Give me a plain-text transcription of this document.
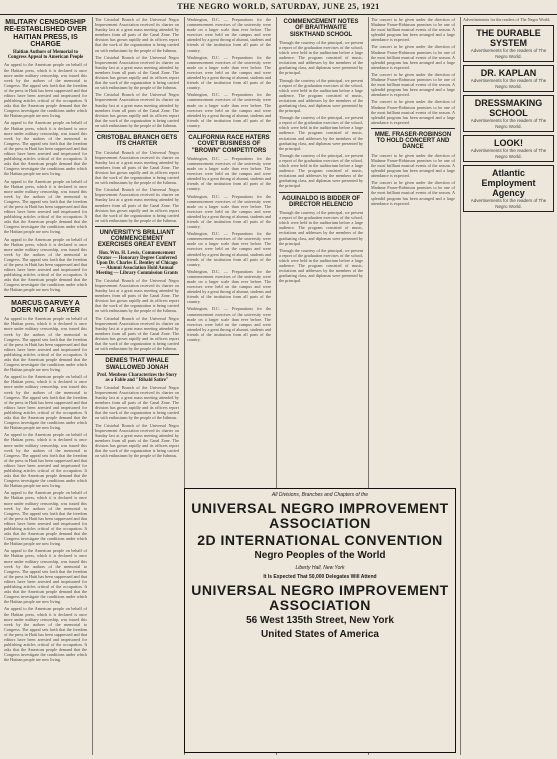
THE NEGRO WORLD, SATURDAY, JUNE 25, 1921
MILITARY CENSORSHIP RE-ESTABLISHED OVER HAITIAN PRESS, IS CHARGE
Haitian Authors of Memorial to Congress Appeal to American People

An appeal to the American people on behalf of the Haitian press, which it is declared is once more under military censorship, was issued this week by the authors of the memorial to Congress. The appeal sets forth that the freedom of the press in Haiti has been suppressed and that editors have been arrested and imprisoned for publishing articles critical of the occupation. It asks that the American people demand that the Congress investigate the conditions under which the Haitian people are now living.

An appeal to the American people on behalf of the Haitian press, which it is declared is once more under military censorship, was issued this week by the authors of the memorial to Congress. The appeal sets forth that the freedom of the press in Haiti has been suppressed and that editors have been arrested and imprisoned for publishing articles critical of the occupation. It asks that the American people demand that the Congress investigate the conditions under which the Haitian people are now living.

An appeal to the American people on behalf of the Haitian press, which it is declared is once more under military censorship, was issued this week by the authors of the memorial to Congress. The appeal sets forth that the freedom of the press in Haiti has been suppressed and that editors have been arrested and imprisoned for publishing articles critical of the occupation. It asks that the American people demand that the Congress investigate the conditions under which the Haitian people are now living.

An appeal to the American people on behalf of the Haitian press, which it is declared is once more under military censorship, was issued this week by the authors of the memorial to Congress. The appeal sets forth that the freedom of the press in Haiti has been suppressed and that editors have been arrested and imprisoned for publishing articles critical of the occupation. It asks that the American people demand that the Congress investigate the conditions under which the Haitian people are now living.

MARCUS GARVEY A DOER NOT A SAYER

An appeal to the American people on behalf of the Haitian press, which it is declared is once more under military censorship, was issued this week by the authors of the memorial to Congress. The appeal sets forth that the freedom of the press in Haiti has been suppressed and that editors have been arrested and imprisoned for publishing articles critical of the occupation. It asks that the American people demand that the Congress investigate the conditions under which the Haitian people are now living.

An appeal to the American people on behalf of the Haitian press, which it is declared is once more under military censorship, was issued this week by the authors of the memorial to Congress. The appeal sets forth that the freedom of the press in Haiti has been suppressed and that editors have been arrested and imprisoned for publishing articles critical of the occupation. It asks that the American people demand that the Congress investigate the conditions under which the Haitian people are now living.

An appeal to the American people on behalf of the Haitian press, which it is declared is once more under military censorship, was issued this week by the authors of the memorial to Congress. The appeal sets forth that the freedom of the press in Haiti has been suppressed and that editors have been arrested and imprisoned for publishing articles critical of the occupation. It asks that the American people demand that the Congress investigate the conditions under which the Haitian people are now living.

An appeal to the American people on behalf of the Haitian press, which it is declared is once more under military censorship, was issued this week by the authors of the memorial to Congress. The appeal sets forth that the freedom of the press in Haiti has been suppressed and that editors have been arrested and imprisoned for publishing articles critical of the occupation. It asks that the American people demand that the Congress investigate the conditions under which the Haitian people are now living.

An appeal to the American people on behalf of the Haitian press, which it is declared is once more under military censorship, was issued this week by the authors of the memorial to Congress. The appeal sets forth that the freedom of the press in Haiti has been suppressed and that editors have been arrested and imprisoned for publishing articles critical of the occupation. It asks that the American people demand that the Congress investigate the conditions under which the Haitian people are now living.

An appeal to the American people on behalf of the Haitian press, which it is declared is once more under military censorship, was issued this week by the authors of the memorial to Congress. The appeal sets forth that the freedom of the press in Haiti has been suppressed and that editors have been arrested and imprisoned for publishing articles critical of the occupation. It asks that the American people demand that the Congress investigate the conditions under which the Haitian people are now living.

The Cristobal Branch of the Universal Negro Improvement Association received its charter on Sunday last at a great mass meeting attended by members from all parts of the Canal Zone. The division has grown rapidly and its officers report that the work of the organization is being carried on with enthusiasm by the people of the Isthmus.

The Cristobal Branch of the Universal Negro Improvement Association received its charter on Sunday last at a great mass meeting attended by members from all parts of the Canal Zone. The division has grown rapidly and its officers report that the work of the organization is being carried on with enthusiasm by the people of the Isthmus.

The Cristobal Branch of the Universal Negro Improvement Association received its charter on Sunday last at a great mass meeting attended by members from all parts of the Canal Zone. The division has grown rapidly and its officers report that the work of the organization is being carried on with enthusiasm by the people of the Isthmus.

CRISTOBAL BRANCH GETS ITS CHARTER

The Cristobal Branch of the Universal Negro Improvement Association received its charter on Sunday last at a great mass meeting attended by members from all parts of the Canal Zone. The division has grown rapidly and its officers report that the work of the organization is being carried on with enthusiasm by the people of the Isthmus.

The Cristobal Branch of the Universal Negro Improvement Association received its charter on Sunday last at a great mass meeting attended by members from all parts of the Canal Zone. The division has grown rapidly and its officers report that the work of the organization is being carried on with enthusiasm by the people of the Isthmus.

UNIVERSITY'S BRILLIANT COMMENCEMENT EXERCISES GREAT EVENT
Hon. Wm. H. Lewis, Commencement Orator — Honorary Degree Conferred Upon Dr. Charles E. Bentley of Chicago — Alumni Association Hold Annual Meeting — Library Commission Grants

The Cristobal Branch of the Universal Negro Improvement Association received its charter on Sunday last at a great mass meeting attended by members from all parts of the Canal Zone. The division has grown rapidly and its officers report that the work of the organization is being carried on with enthusiasm by the people of the Isthmus.

The Cristobal Branch of the Universal Negro Improvement Association received its charter on Sunday last at a great mass meeting attended by members from all parts of the Canal Zone. The division has grown rapidly and its officers report that the work of the organization is being carried on with enthusiasm by the people of the Isthmus.

DENIES THAT WHALE SWALLOWED JONAH
Prof. Menbeus Characterizes the Story as a Fable and "Ribald Satire"

The Cristobal Branch of the Universal Negro Improvement Association received its charter on Sunday last at a great mass meeting attended by members from all parts of the Canal Zone. The division has grown rapidly and its officers report that the work of the organization is being carried on with enthusiasm by the people of the Isthmus.

The Cristobal Branch of the Universal Negro Improvement Association received its charter on Sunday last at a great mass meeting attended by members from all parts of the Canal Zone. The division has grown rapidly and its officers report that the work of the organization is being carried on with enthusiasm by the people of the Isthmus.

Washington, D.C. — Preparations for the commencement exercises of the university were made on a larger scale than ever before. The exercises were held on the campus and were attended by a great throng of alumni, students and friends of the institution from all parts of the country.

Washington, D.C. — Preparations for the commencement exercises of the university were made on a larger scale than ever before. The exercises were held on the campus and were attended by a great throng of alumni, students and friends of the institution from all parts of the country.

Washington, D.C. — Preparations for the commencement exercises of the university were made on a larger scale than ever before. The exercises were held on the campus and were attended by a great throng of alumni, students and friends of the institution from all parts of the country.

CALIFORNIA RACE HATERS COVET BUSINESS OF "BROWN" COMPETITORS

Washington, D.C. — Preparations for the commencement exercises of the university were made on a larger scale than ever before. The exercises were held on the campus and were attended by a great throng of alumni, students and friends of the institution from all parts of the country.

Washington, D.C. — Preparations for the commencement exercises of the university were made on a larger scale than ever before. The exercises were held on the campus and were attended by a great throng of alumni, students and friends of the institution from all parts of the country.

Washington, D.C. — Preparations for the commencement exercises of the university were made on a larger scale than ever before. The exercises were held on the campus and were attended by a great throng of alumni, students and friends of the institution from all parts of the country.

Washington, D.C. — Preparations for the commencement exercises of the university were made on a larger scale than ever before. The exercises were held on the campus and were attended by a great throng of alumni, students and friends of the institution from all parts of the country.

Washington, D.C. — Preparations for the commencement exercises of the university were made on a larger scale than ever before. The exercises were held on the campus and were attended by a great throng of alumni, students and friends of the institution from all parts of the country.

COMMENCEMENT NOTES OF BRAITHWAITE SISKTHAND SCHOOL

Through the courtesy of the principal, we present a report of the graduation exercises of the school, which were held in the auditorium before a large audience. The program consisted of music, recitations and addresses by the members of the graduating class, and diplomas were presented by the principal.

Through the courtesy of the principal, we present a report of the graduation exercises of the school, which were held in the auditorium before a large audience. The program consisted of music, recitations and addresses by the members of the graduating class, and diplomas were presented by the principal.

Through the courtesy of the principal, we present a report of the graduation exercises of the school, which were held in the auditorium before a large audience. The program consisted of music, recitations and addresses by the members of the graduating class, and diplomas were presented by the principal.

Through the courtesy of the principal, we present a report of the graduation exercises of the school, which were held in the auditorium before a large audience. The program consisted of music, recitations and addresses by the members of the graduating class, and diplomas were presented by the principal.

AGUINALDO IS BIDDER OF DIRECTOR HELENCIO

Through the courtesy of the principal, we present a report of the graduation exercises of the school, which were held in the auditorium before a large audience. The program consisted of music, recitations and addresses by the members of the graduating class, and diplomas were presented by the principal.

Through the courtesy of the principal, we present a report of the graduation exercises of the school, which were held in the auditorium before a large audience. The program consisted of music, recitations and addresses by the members of the graduating class, and diplomas were presented by the principal.

The concert to be given under the direction of Madame Fraser-Robinson promises to be one of the most brilliant musical events of the season. A splendid program has been arranged and a large attendance is expected.

The concert to be given under the direction of Madame Fraser-Robinson promises to be one of the most brilliant musical events of the season. A splendid program has been arranged and a large attendance is expected.

The concert to be given under the direction of Madame Fraser-Robinson promises to be one of the most brilliant musical events of the season. A splendid program has been arranged and a large attendance is expected.

The concert to be given under the direction of Madame Fraser-Robinson promises to be one of the most brilliant musical events of the season. A splendid program has been arranged and a large attendance is expected.

MME. FRASER-ROBINSON TO HOLD CONCERT AND DANCE

The concert to be given under the direction of Madame Fraser-Robinson promises to be one of the most brilliant musical events of the season. A splendid program has been arranged and a large attendance is expected.

The concert to be given under the direction of Madame Fraser-Robinson promises to be one of the most brilliant musical events of the season. A splendid program has been arranged and a large attendance is expected.

Advertisements for the readers of The Negro World.

THE DURABLE SYSTEM
Advertisements for the readers of The Negro World.
DR. KAPLAN
Advertisements for the readers of The Negro World.
DRESSMAKING SCHOOL
Advertisements for the readers of The Negro World.
LOOK!
Advertisements for the readers of The Negro World.
Atlantic Employment Agency
Advertisements for the readers of The Negro World.
All Divisions, Branches and Chapters of the
UNIVERSAL NEGRO IMPROVEMENT ASSOCIATION
2D INTERNATIONAL CONVENTION
Negro Peoples of the World
Liberty Hall, New York
It Is Expected That 50,000 Delegates Will Attend
UNIVERSAL NEGRO IMPROVEMENT ASSOCIATION
56 West 135th Street, New York
United States of America
